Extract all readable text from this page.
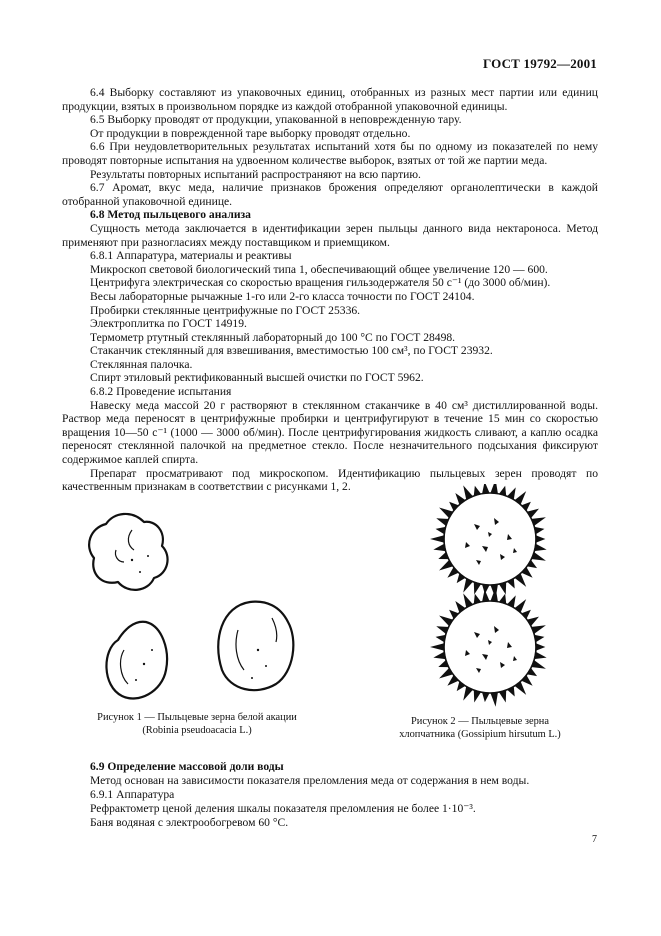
ГОСТ 19792—2001

6.4 Выборку составляют из упаковочных единиц, отобранных из разных мест партии или единиц продукции, взятых в произвольном порядке из каждой отобранной упаковочной единицы.

6.5 Выборку проводят от продукции, упакованной в неповрежденную тару.

От продукции в поврежденной таре выборку проводят отдельно.

6.6 При неудовлетворительных результатах испытаний хотя бы по одному из показателей по нему проводят повторные испытания на удвоенном количестве выборок, взятых от той же партии меда.

Результаты повторных испытаний распространяют на всю партию.

6.7 Аромат, вкус меда, наличие признаков брожения определяют органолептически в каждой отобранной упаковочной единице.

6.8 Метод пыльцевого анализа

Сущность метода заключается в идентификации зерен пыльцы данного вида нектароноса. Метод применяют при разногласиях между поставщиком и приемщиком.

6.8.1 Аппаратура, материалы и реактивы

Микроскоп световой биологический типа 1, обеспечивающий общее увеличение 120 — 600.

Центрифуга электрическая со скоростью вращения гильзодержателя 50 с⁻¹ (до 3000 об/мин).

Весы лабораторные рычажные 1-го или 2-го класса точности по ГОСТ 24104.

Пробирки стеклянные центрифужные по ГОСТ 25336.

Электроплитка по ГОСТ 14919.

Термометр ртутный стеклянный лабораторный до 100 °С по ГОСТ 28498.

Стаканчик стеклянный для взвешивания, вместимостью 100 см³, по ГОСТ 23932.

Стеклянная палочка.

Спирт этиловый ректификованный высшей очистки по ГОСТ 5962.

6.8.2 Проведение испытания

Навеску меда массой 20 г растворяют в стеклянном стаканчике в 40 см³ дистиллированной воды. Раствор меда переносят в центрифужные пробирки и центрифугируют в течение 15 мин со скоростью вращения 10—50 с⁻¹ (1000 — 3000 об/мин). После центрифугирования жидкость сливают, а каплю осадка переносят стеклянной палочкой на предметное стекло. После незначительного подсыхания фиксируют содержимое каплей спирта.

Препарат просматривают под микроскопом. Идентификацию пыльцевых зерен проводят по качественным признакам в соответствии с рисунками 1, 2.

Рисунок 1 — Пыльцевые зерна белой акации
(Robinia pseudoacacia L.)
Рисунок 2 — Пыльцевые зерна
хлопчатника (Gossipium hirsutum L.)

6.9 Определение массовой доли воды

Метод основан на зависимости показателя преломления меда от содержания в нем воды.

6.9.1 Аппаратура

Рефрактометр ценой деления шкалы показателя преломления не более 1·10⁻³.

Баня водяная с электрообогревом 60 °С.

7
